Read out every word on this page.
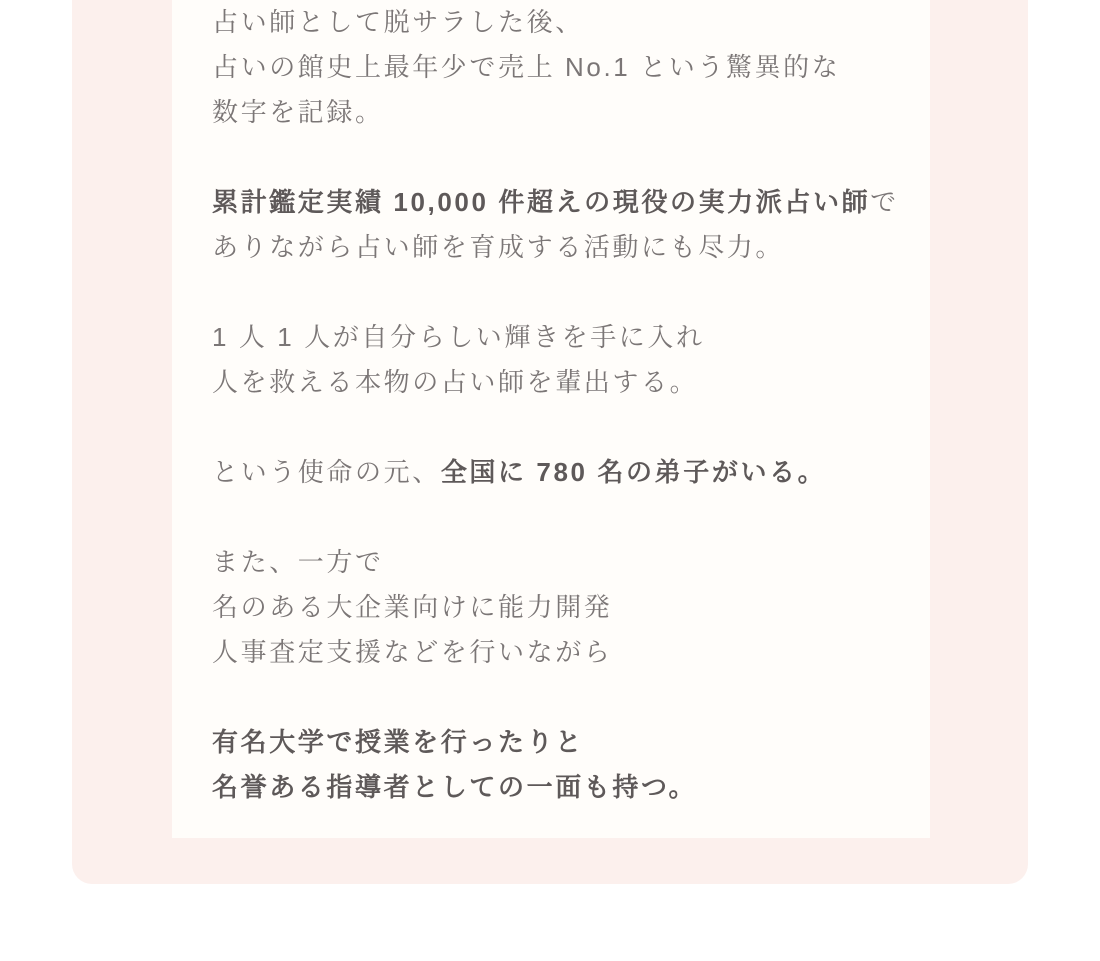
占い師として脱サラした後、
占いの館史上最年少で売上 No.1 という驚異的な
数字を記録。

累計鑑定実績 10,000 件超えの現役の実力派占い師で
ありながら占い師を育成する活動にも尽力。

1 人 1 人が自分らしい輝きを手に入れ
人を救える本物の占い師を輩出する。

という使命の元、全国に 780 名の弟子がいる。

また、一方で
名のある大企業向けに能力開発
人事査定支援などを行いながら

有名大学で授業を行ったりと
名誉ある指導者としての一面も持つ。
